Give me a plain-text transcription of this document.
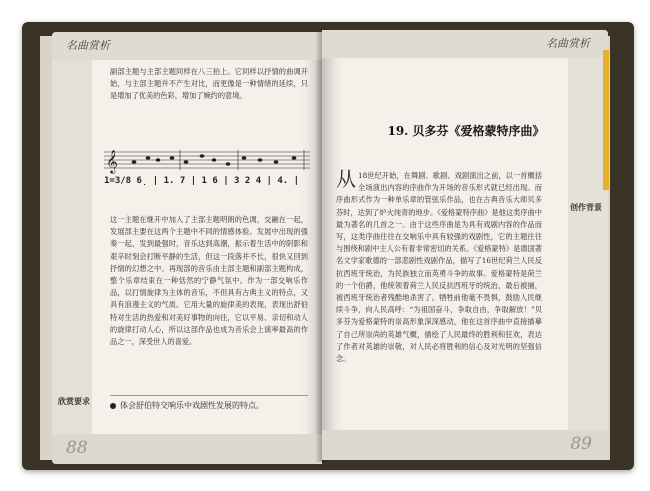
名曲赏析
副部主题与主部主题同样在八三拍上。它同样以抒情的曲调开始，与主部主题并不产生对比，而更像是一种情绪的延续，只是增加了优美的色彩，增加了婉约的意境。
𝄞
1=3/8 6̣ | 1. 7 | 1 6 | 3 2 4 | 4. |
这一主题在继开中加入了主部主题明朗的色调，交融在一起，发展部主要在这两个主题中不同的情感体验。发展中出现的强奏一起，发到最强时，音乐达到高潮，振示着生活中的阴影和艰辛时刻会打断平静的生活，但这一段落并不长，很快又回到抒情的幻想之中。再现部的音乐由主部主题和副部主题构成，整个乐章结束在一种恬然的宁静气氛中。作为一部交响乐作品，以打情旋律为主体的音乐，不但具有古典主义的特点，又具有浪漫主义的气质。它用大量的旋律美的表现，表现出舒伯特对生活的热爱和对美好事物的向往，它以平易、亲切和动人的旋律打动人心，所以这部作品也成为音乐会上演率最高的作品之一，深受世人的喜爱。
欣赏要求	体会舒伯特交响乐中戏剧性发展的特点。
88
名曲赏析
19. 贝多芬《爱格蒙特序曲》
从 18世纪开始，在舞剧、歌剧、戏剧演出之前，以一首概括全场演出内容的序曲作为开场的音乐形式就已经出现。而序曲形式作为一种单乐章的管弦乐作品，也在古典音乐大师贝多芬时，达到了炉火纯青的地步。《爱格蒙特序曲》是他这类序曲中最为著名的几首之一。由于这些序曲是为具有戏剧内容的作品而写，这类序曲往往在交响乐中具有较强的戏剧性，它的主题往往与围绕和剧中主人公有着非常密切的关系。《爱格蒙特》是德国著名文学家歌德的一部悲剧性戏剧作品，描写了16世纪荷兰人民反抗西班牙统治，为民族独立而英勇斗争的故事。爱格蒙特是荷兰的一个伯爵，他统领着荷兰人民反抗西班牙的统治，最后被捕，被西班牙统治者残酷地杀害了。牺牲前他毫不畏惧，鼓励人民继续斗争，向人民高呼：“为祖国奋斗，争取自由，争取解放！”贝多芬为爱格蒙特的崇高形象深深感动，他在这首序曲中直接描摹了自己所崇尚的英雄气概，描绘了人民最终的胜利和狂欢，表达了作者对英雄的崇敬，对人民必将胜利的信心及对光明的坚强信念。
创作背景
89
